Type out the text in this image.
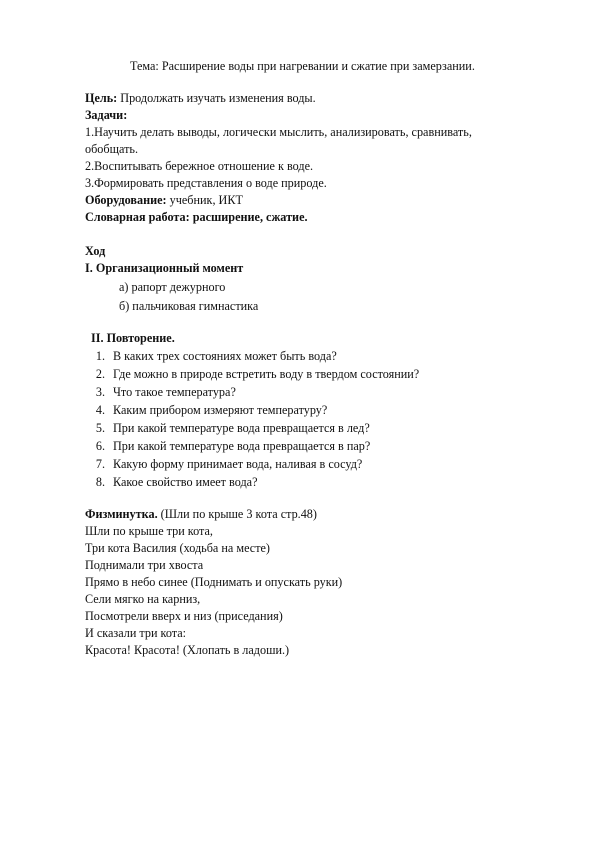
Тема: Расширение воды при нагревании и сжатие при замерзании.
Цель: Продолжать изучать изменения воды.
Задачи:
1.Научить делать выводы, логически мыслить, анализировать, сравнивать,
обобщать.
2.Воспитывать бережное отношение к воде.
3.Формировать представления о воде природе.
Оборудование: учебник, ИКТ
Словарная работа: расширение, сжатие.
Ход
I. Организационный момент
а) рапорт дежурного
б) пальчиковая гимнастика
II. Повторение.
1. В каких трех состояниях может быть вода?
2. Где можно в природе встретить воду в твердом состоянии?
3. Что такое температура?
4. Каким прибором измеряют температуру?
5. При какой температуре вода превращается в лед?
6. При какой температуре вода превращается в пар?
7. Какую форму принимает вода, наливая в сосуд?
8. Какое свойство имеет вода?
Физминутка. (Шли по крыше 3 кота стр.48)
Шли по крыше три кота,
Три кота Василия (ходьба на месте)
Поднимали три хвоста
Прямо в небо синее (Поднимать и опускать руки)
Сели мягко на карниз,
Посмотрели вверх и низ (приседания)
И сказали три кота:
Красота! Красота! (Хлопать в ладоши.)
